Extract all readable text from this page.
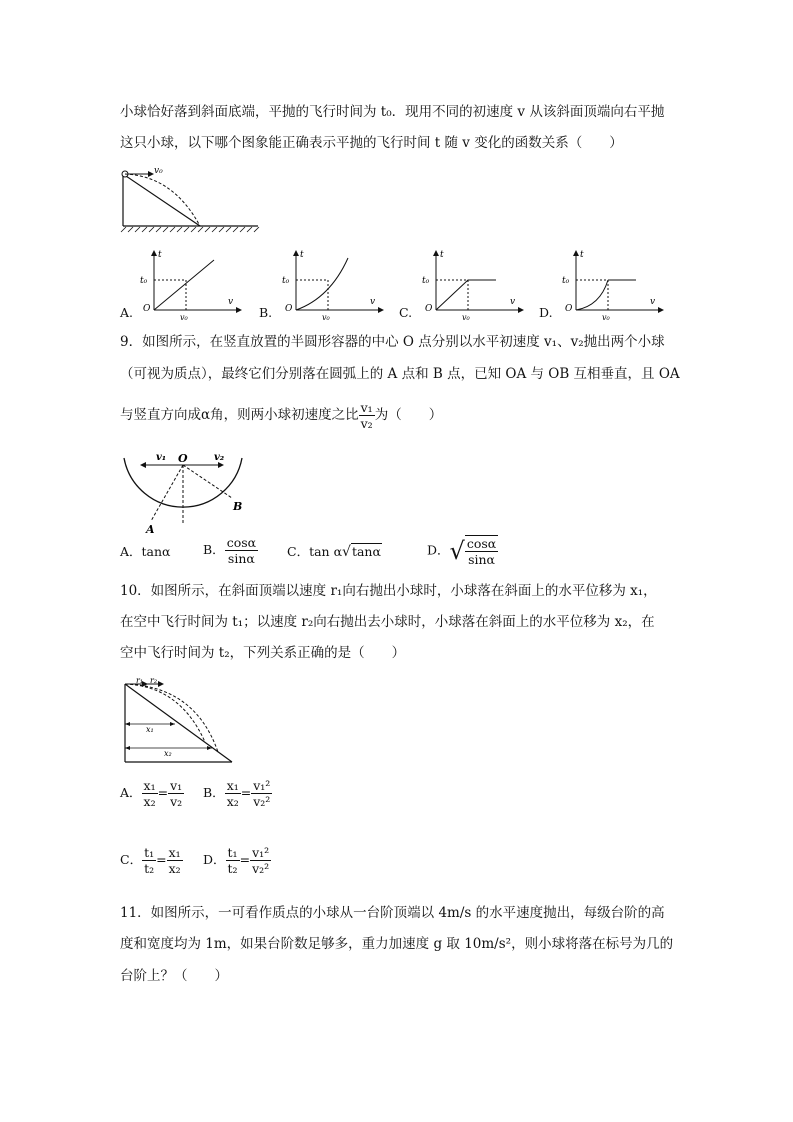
小球恰好落到斜面底端，平抛的飞行时间为 t₀．现用不同的初速度 v 从该斜面顶端向右平抛
这只小球，以下哪个图象能正确表示平抛的飞行时间 t 随 v 变化的函数关系（　　）
v₀
t
t₀
O
v
v₀
A.
t
t₀
O
v
v₀
B.
t
t₀
O
v
v₀
C.
t
t₀
O
v
v₀
D.
9．如图所示，在竖直放置的半圆形容器的中心 O 点分别以水平初速度 v₁、v₂抛出两个小球
（可视为质点），最终它们分别落在圆弧上的 A 点和 B 点，已知 OA 与 OB 互相垂直，且 OA
与竖直方向成α角，则两小球初速度之比 $\frac{\text{v₁}}{\text{v₂}}$ 为（　　）
v₁ O	v₂
A
B
A．tanα	B． $\frac{\cos\alpha}{\sin\alpha}$ C．tan α√tanα	D．√ $\frac{\cos\alpha}{\sin\alpha}$
10．如图所示，在斜面顶端以速度 r₁向右抛出小球时，小球落在斜面上的水平位移为 x₁，
在空中飞行时间为 t₁；以速度 r₂向右抛出去小球时，小球落在斜面上的水平位移为 x₂，在
空中飞行时间为 t₂，下列关系正确的是（　　）
r₁ r₂
x₁
x₂
A． $\frac{\text{x₁}}{\text{x₂}} = \frac{\text{v₁}}{\text{v₂}}$ B． $\frac{\text{x₁}}{\text{x₂}} = \frac{\text{v₁²}}{\text{v₂²}}$
C． $\frac{\text{t₁}}{\text{t₂}} = \frac{\text{x₁}}{\text{x₂}}$ D． $\frac{\text{t₁}}{\text{t₂}} = \frac{\text{v₁²}}{\text{v₂²}}$
11．如图所示，一可看作质点的小球从一台阶顶端以 4m/s 的水平速度抛出，每级台阶的高
度和宽度均为 1m，如果台阶数足够多，重力加速度 g 取 10m/s²，则小球将落在标号为几的
台阶上？（　　）
